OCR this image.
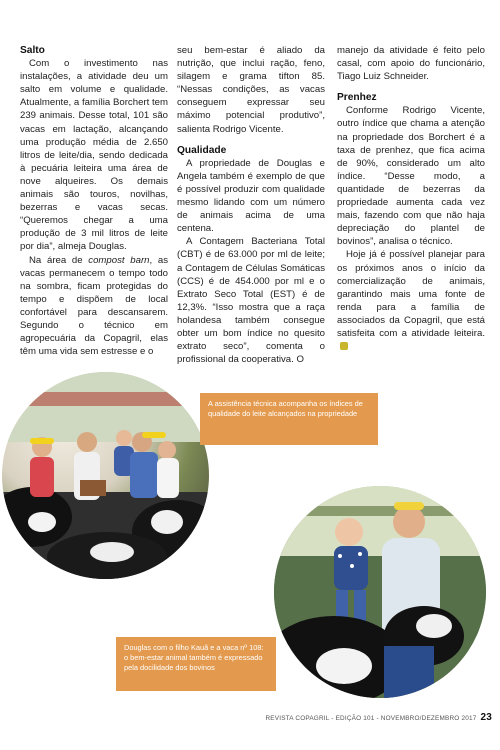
Salto

Com o investimento nas instalações, a atividade deu um salto em volume e qualidade. Atualmente, a família Borchert tem 239 animais. Desse total, 101 são vacas em lactação, alcançando uma produção média de 2.650 litros de leite/dia, sendo dedicada à pecuária leiteira uma área de nove alqueires. Os demais animais são touros, novilhas, bezerras e vacas secas. “Queremos chegar a uma produção de 3 mil litros de leite por dia”, almeja Douglas.

Na área de compost barn, as vacas permanecem o tempo todo na sombra, ficam protegidas do tempo e dispõem de local confortável para descansarem. Segundo o técnico em agropecuária da Copagril, elas têm uma vida sem estresse e o

seu bem-estar é aliado da nutrição, que inclui ração, feno, silagem e grama tifton 85. “Nessas condições, as vacas conseguem expressar seu máximo potencial produtivo”, salienta Rodrigo Vicente.

Qualidade

A propriedade de Douglas e Angela também é exemplo de que é possível produzir com qualidade mesmo lidando com um número de animais acima de uma centena.

A Contagem Bacteriana Total (CBT) é de 63.000 por ml de leite; a Contagem de Células Somáticas (CCS) é de 454.000 por ml e o Extrato Seco Total (EST) é de 12,3%. “Isso mostra que a raça holandesa também consegue obter um bom índice no quesito extrato seco”, comenta o profissional da cooperativa. O

manejo da atividade é feito pelo casal, com apoio do funcionário, Tiago Luiz Schneider.

Prenhez

Conforme Rodrigo Vicente, outro índice que chama a atenção na propriedade dos Borchert é a taxa de prenhez, que fica acima de 90%, considerado um alto índice. “Desse modo, a quantidade de bezerras da propriedade aumenta cada vez mais, fazendo com que não haja depreciação do plantel de bovinos”, analisa o técnico.

Hoje já é possível planejar para os próximos anos o início da comercialização de animais, garantindo mais uma fonte de renda para a família de associados da Copagril, que está satisfeita com a atividade leiteira.

A assistência técnica acompanha os índices de qualidade do leite alcançados na propriedade
Douglas com o filho Kauã e a vaca nº 108: o bem-estar animal também é expressado pela docilidade dos bovinos
REVISTA COPAGRIL - EDIÇÃO 101 - NOVEMBRO/DEZEMBRO 2017 23
